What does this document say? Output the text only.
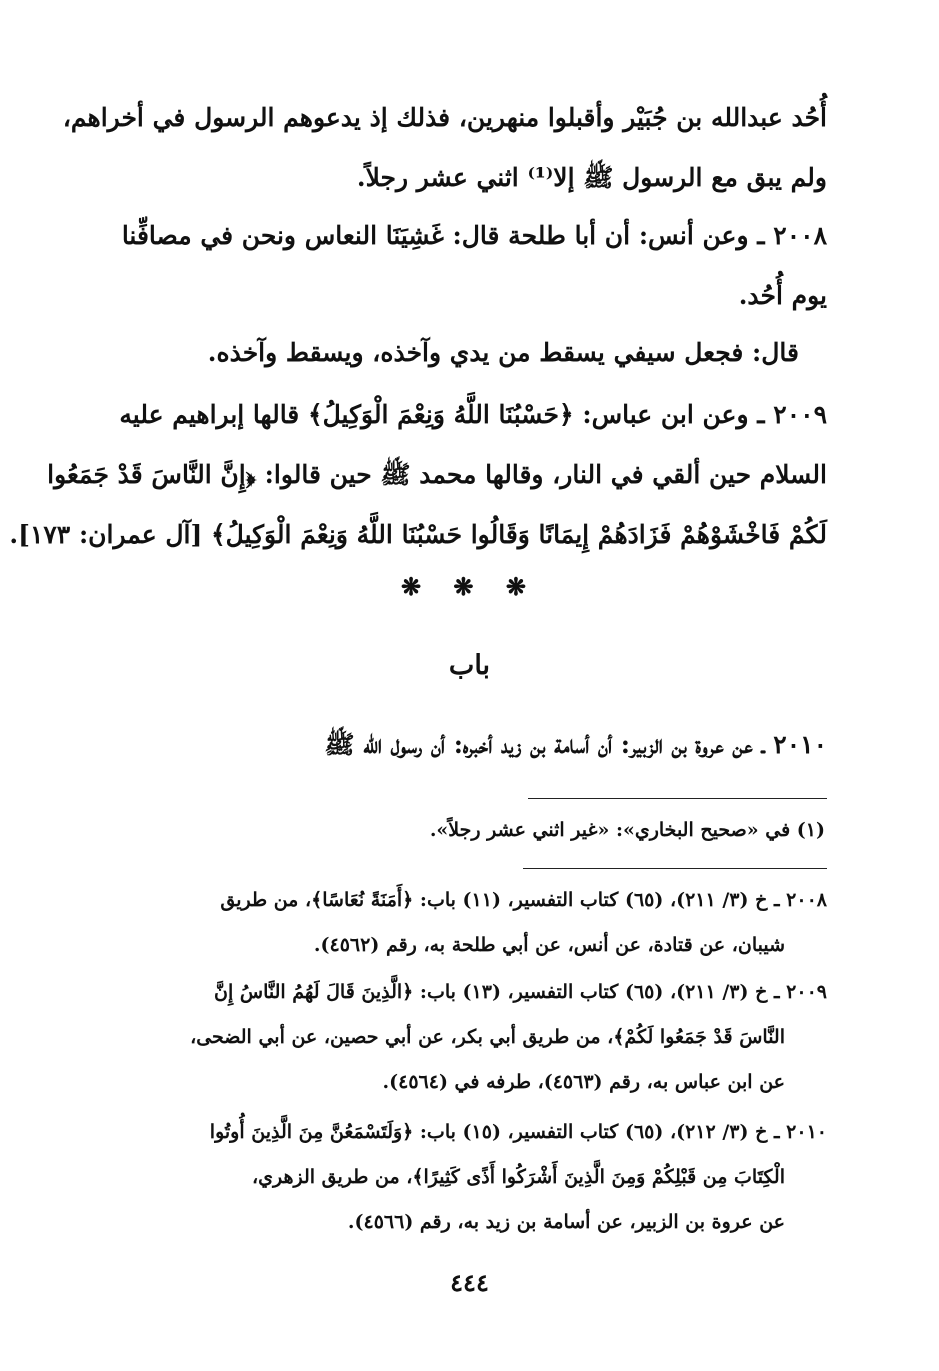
أُحُد عبدالله بن جُبَيْر وأقبلوا منهرين، فذلك إذ يدعوهم الرسول في أخراهم،
ولم يبق مع الرسول ﷺ إلا⁽¹⁾ اثني عشر رجلاً.
٢٠٠٨ ـ وعن أنس: أن أبا طلحة قال: غَشِيَنَا النعاس ونحن في مصافِّنا
يوم أُحُد.
قال: فجعل سيفي يسقط من يدي وآخذه، ويسقط وآخذه.
٢٠٠٩ ـ وعن ابن عباس: ﴿حَسْبُنَا اللَّهُ وَنِعْمَ الْوَكِيلُ﴾ قالها إبراهيم عليه
السلام حين ألقي في النار، وقالها محمد ﷺ حين قالوا: ﴿إِنَّ النَّاسَ قَدْ جَمَعُوا
لَكُمْ فَاخْشَوْهُمْ فَزَادَهُمْ إِيمَانًا وَقَالُوا حَسْبُنَا اللَّهُ وَنِعْمَ الْوَكِيلُ﴾ [آل عمران: ١٧٣].
❋ ❋ ❋
باب
٢٠١٠ ـ عن عروة بن الزبير: أن أسامة بن زيد أخبره: أن رسول الله ﷺ
(١) في «صحيح البخاري»: «غير اثني عشر رجلاً».
٢٠٠٨ ـ خ (٣/ ٢١١)، (٦٥) كتاب التفسير، (١١) باب: ﴿أَمَنَةً نُعَاسًا﴾، من طريق
شيبان، عن قتادة، عن أنس، عن أبي طلحة به، رقم (٤٥٦٢).
٢٠٠٩ ـ خ (٣/ ٢١١)، (٦٥) كتاب التفسير، (١٣) باب: ﴿الَّذِينَ قَالَ لَهُمُ النَّاسُ إِنَّ
النَّاسَ قَدْ جَمَعُوا لَكُمْ﴾، من طريق أبي بكر، عن أبي حصين، عن أبي الضحى،
عن ابن عباس به، رقم (٤٥٦٣)، طرفه في (٤٥٦٤).
٢٠١٠ ـ خ (٣/ ٢١٢)، (٦٥) كتاب التفسير، (١٥) باب: ﴿وَلَتَسْمَعُنَّ مِنَ الَّذِينَ أُوتُوا
الْكِتَابَ مِن قَبْلِكُمْ وَمِنَ الَّذِينَ أَشْرَكُوا أَذًى كَثِيرًا﴾، من طريق الزهري،
عن عروة بن الزبير، عن أسامة بن زيد به، رقم (٤٥٦٦).
٤٤٤
